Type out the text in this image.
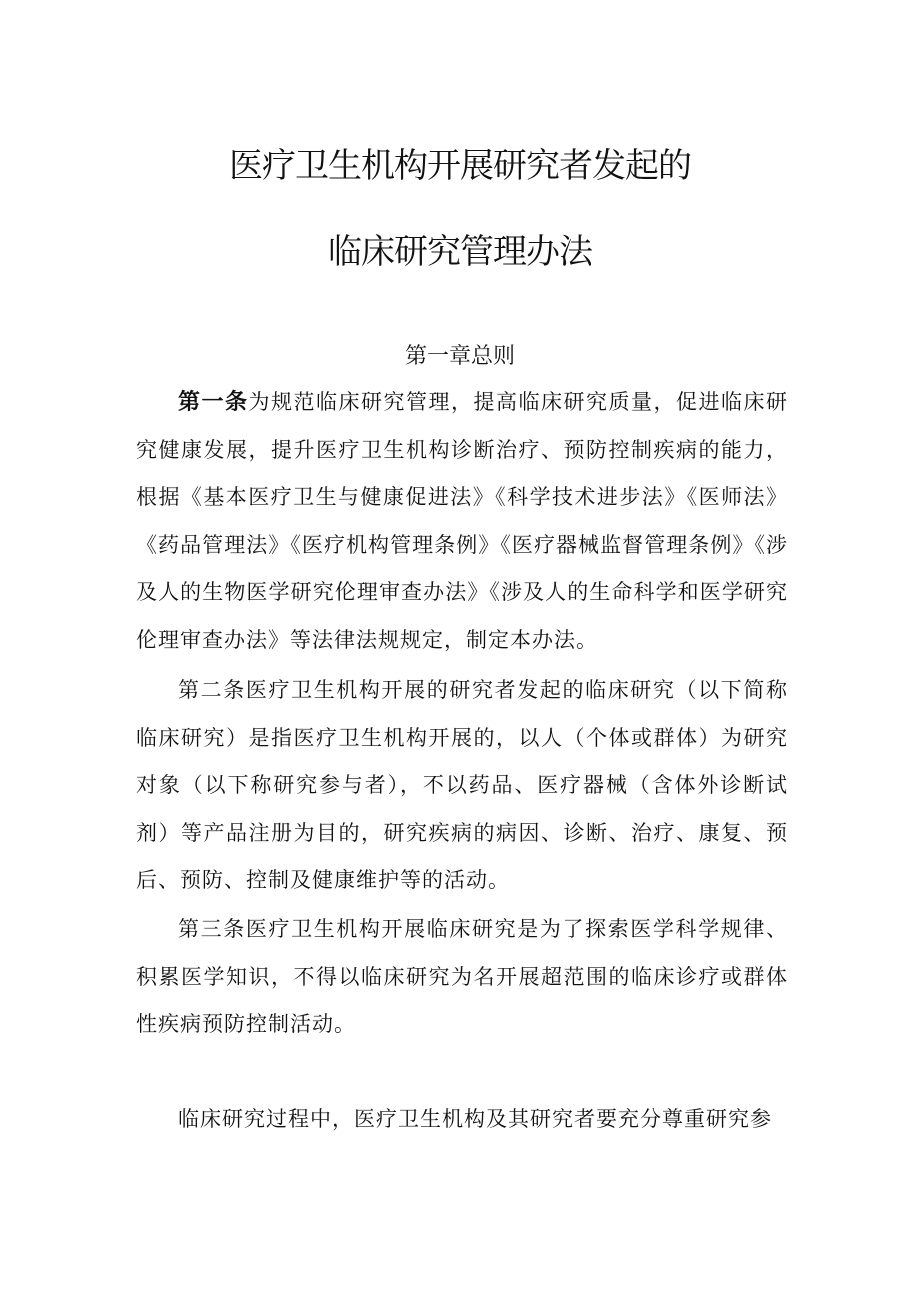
医疗卫生机构开展研究者发起的
临床研究管理办法
第一章总则
第一条为规范临床研究管理，提高临床研究质量，促进临床研究健康发展，提升医疗卫生机构诊断治疗、预防控制疾病的能力，根据《基本医疗卫生与健康促进法》《科学技术进步法》《医师法》《药品管理法》《医疗机构管理条例》《医疗器械监督管理条例》《涉及人的生物医学研究伦理审查办法》《涉及人的生命科学和医学研究伦理审查办法》等法律法规规定，制定本办法。
第二条医疗卫生机构开展的研究者发起的临床研究（以下简称临床研究）是指医疗卫生机构开展的，以人（个体或群体）为研究对象（以下称研究参与者），不以药品、医疗器械（含体外诊断试剂）等产品注册为目的，研究疾病的病因、诊断、治疗、康复、预后、预防、控制及健康维护等的活动。
第三条医疗卫生机构开展临床研究是为了探索医学科学规律、积累医学知识，不得以临床研究为名开展超范围的临床诊疗或群体性疾病预防控制活动。
临床研究过程中，医疗卫生机构及其研究者要充分尊重研究参
